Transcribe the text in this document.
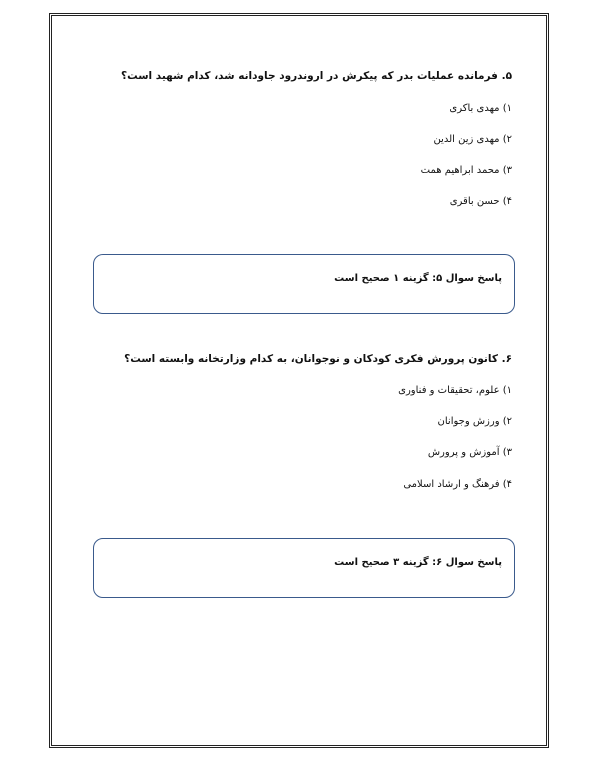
۵. فرمانده عملیات بدر که پیکرش در اروندرود جاودانه شد، کدام شهید است؟
۱) مهدی باکری
۲) مهدی زین الدین
۳) محمد ابراهیم همت
۴) حسن باقری
پاسخ سوال ۵: گزینه ۱ صحیح است
۶. کانون پرورش فکری کودکان و نوجوانان، به کدام وزارتخانه وابسته است؟
۱) علوم، تحقیقات و فناوری
۲) ورزش وجوانان
۳) آموزش و پرورش
۴) فرهنگ و ارشاد اسلامی
پاسخ سوال ۶: گزینه ۳ صحیح است
